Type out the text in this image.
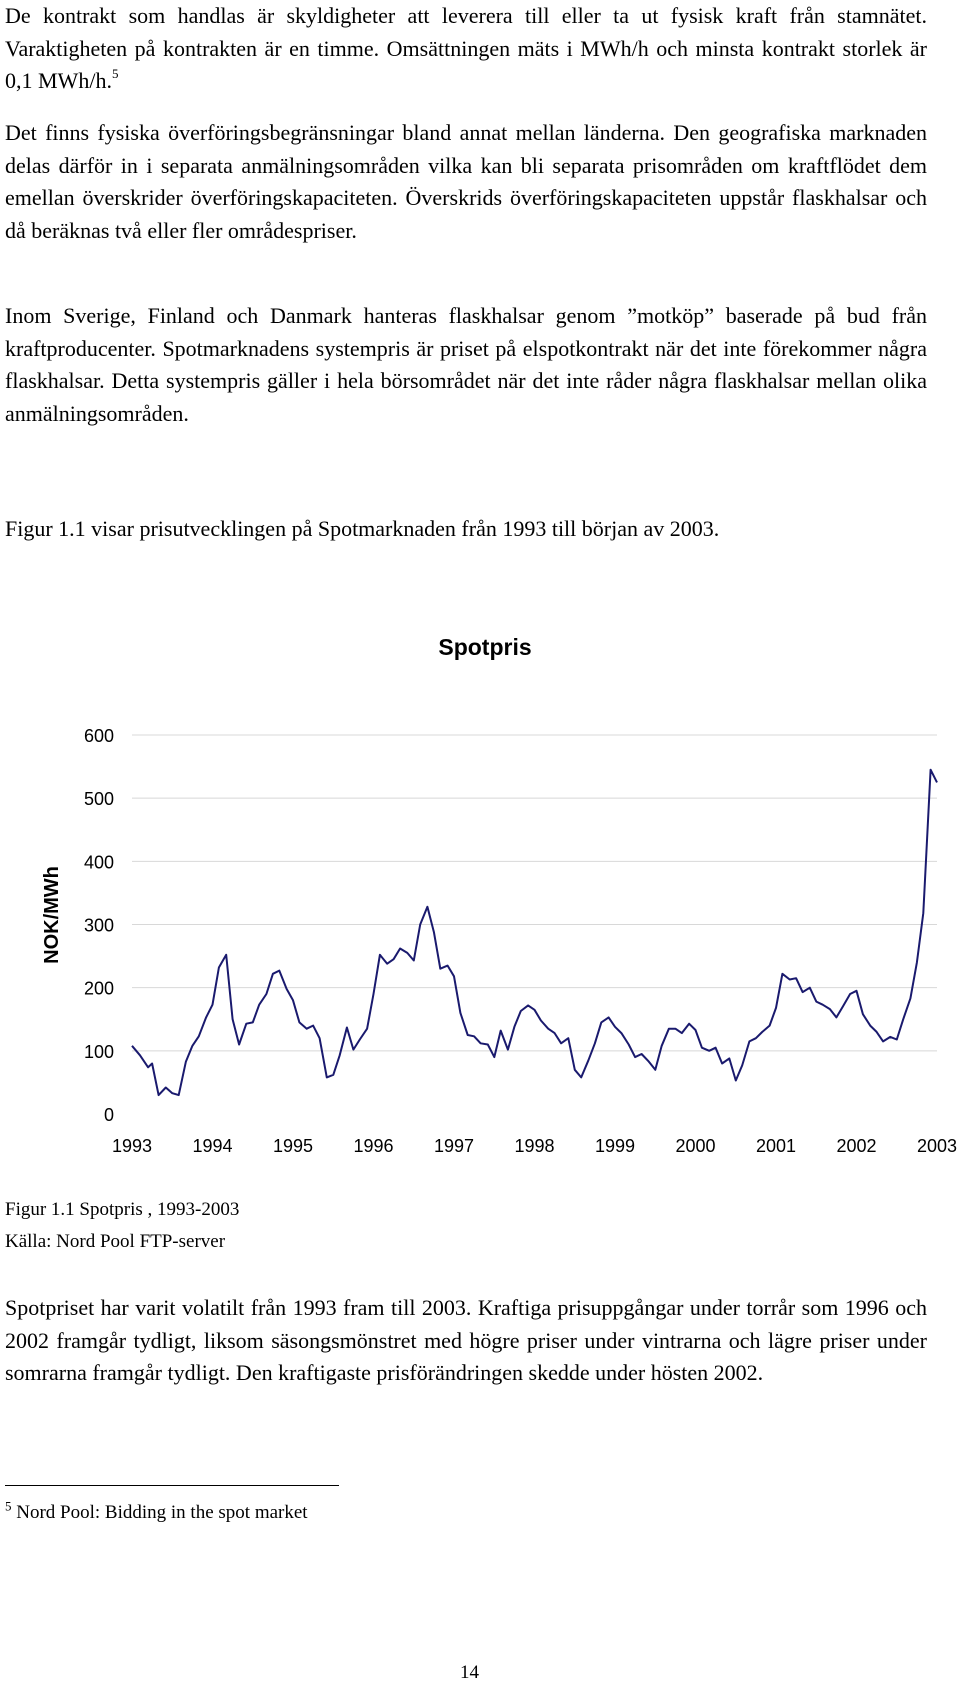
De kontrakt som handlas är skyldigheter att leverera till eller ta ut fysisk kraft från stamnätet. Varaktigheten på kontrakten är en timme. Omsättningen mäts i MWh/h och minsta kontrakt storlek är 0,1 MWh/h.$^5$

Det finns fysiska överföringsbegränsningar bland annat mellan länderna. Den geografiska marknaden delas därför in i separata anmälningsområden vilka kan bli separata prisområden om kraftflödet dem emellan överskrider överföringskapaciteten. Överskrids överföringskapaciteten uppstår flaskhalsar och då beräknas två eller fler områdespriser.

Inom Sverige, Finland och Danmark hanteras flaskhalsar genom ”motköp” baserade på bud från kraftproducenter. Spotmarknadens systempris är priset på elspotkontrakt när det inte förekommer några flaskhalsar. Detta systempris gäller i hela börsområdet när det inte råder några flaskhalsar mellan olika anmälningsområden.

Figur 1.1 visar prisutvecklingen på Spotmarknaden från 1993 till början av 2003.

Spotpris
NOK/MWh
0
100
200
300
400
500
600
1993 1994 1995 1996 1997 1998 1999 2000 2001 2002 2003

Figur 1.1 Spotpris , 1993-2003

Källa: Nord Pool FTP-server

Spotpriset har varit volatilt från 1993 fram till 2003. Kraftiga prisuppgångar under torrår som 1996 och 2002 framgår tydligt, liksom säsongsmönstret med högre priser under vintrarna och lägre priser under somrarna framgår tydligt. Den kraftigaste prisförändringen skedde under hösten 2002.

$^5$ Nord Pool: Bidding in the spot market

14
